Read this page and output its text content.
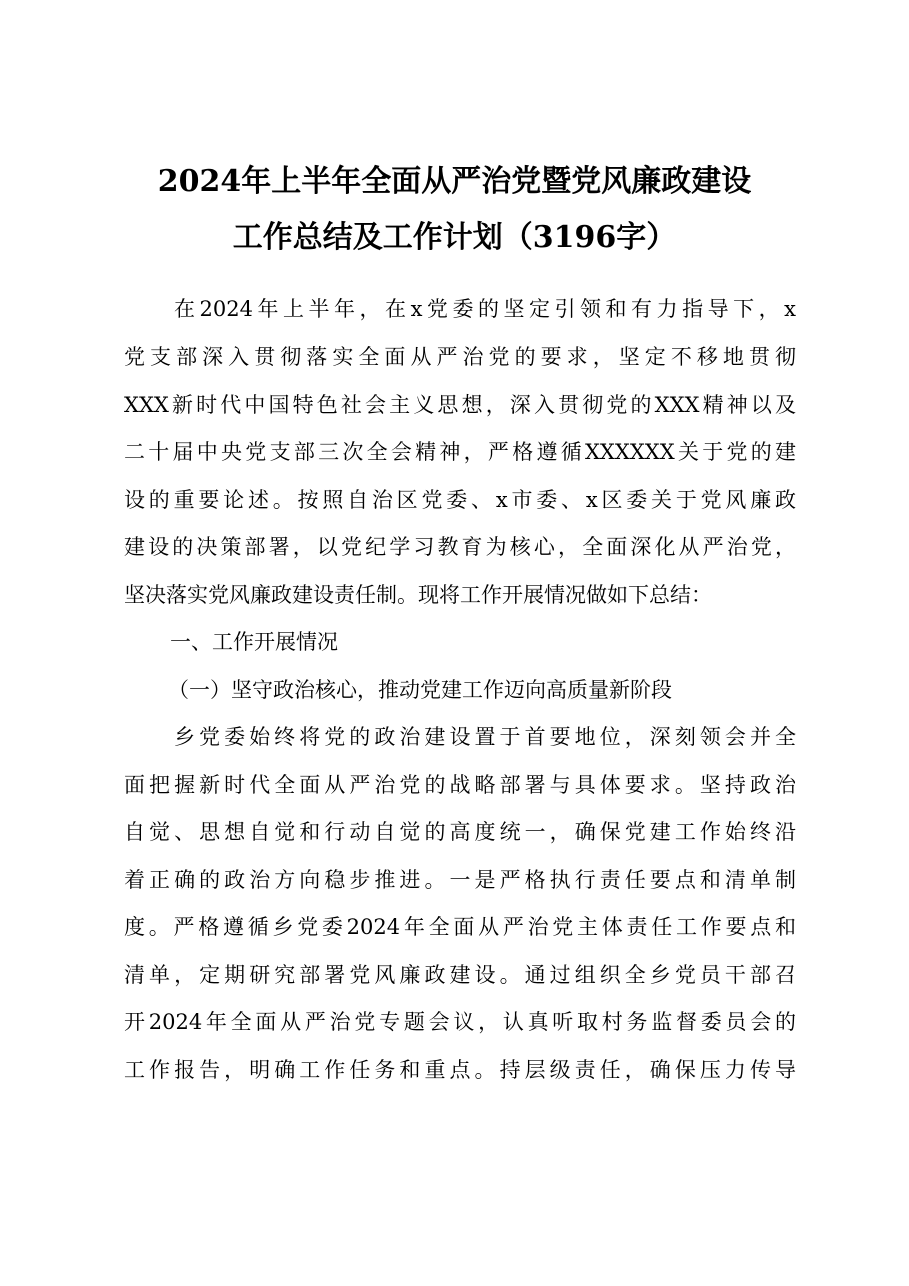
2024年上半年全面从严治党暨党风廉政建设
工作总结及工作计划（3196字）
在2024年上半年，在x党委的坚定引领和有力指导下，x
党支部深入贯彻落实全面从严治党的要求，坚定不移地贯彻
XXX新时代中国特色社会主义思想，深入贯彻党的XXX精神以及
二十届中央党支部三次全会精神，严格遵循XXXXXX关于党的建
设的重要论述。按照自治区党委、x市委、x区委关于党风廉政
建设的决策部署，以党纪学习教育为核心，全面深化从严治党，
坚决落实党风廉政建设责任制。现将工作开展情况做如下总结：
一、工作开展情况
（一）坚守政治核心，推动党建工作迈向高质量新阶段
乡党委始终将党的政治建设置于首要地位，深刻领会并全
面把握新时代全面从严治党的战略部署与具体要求。坚持政治
自觉、思想自觉和行动自觉的高度统一，确保党建工作始终沿
着正确的政治方向稳步推进。一是严格执行责任要点和清单制
度。严格遵循乡党委2024年全面从严治党主体责任工作要点和
清单，定期研究部署党风廉政建设。通过组织全乡党员干部召
开2024年全面从严治党专题会议，认真听取村务监督委员会的
工作报告，明确工作任务和重点。持层级责任，确保压力传导
